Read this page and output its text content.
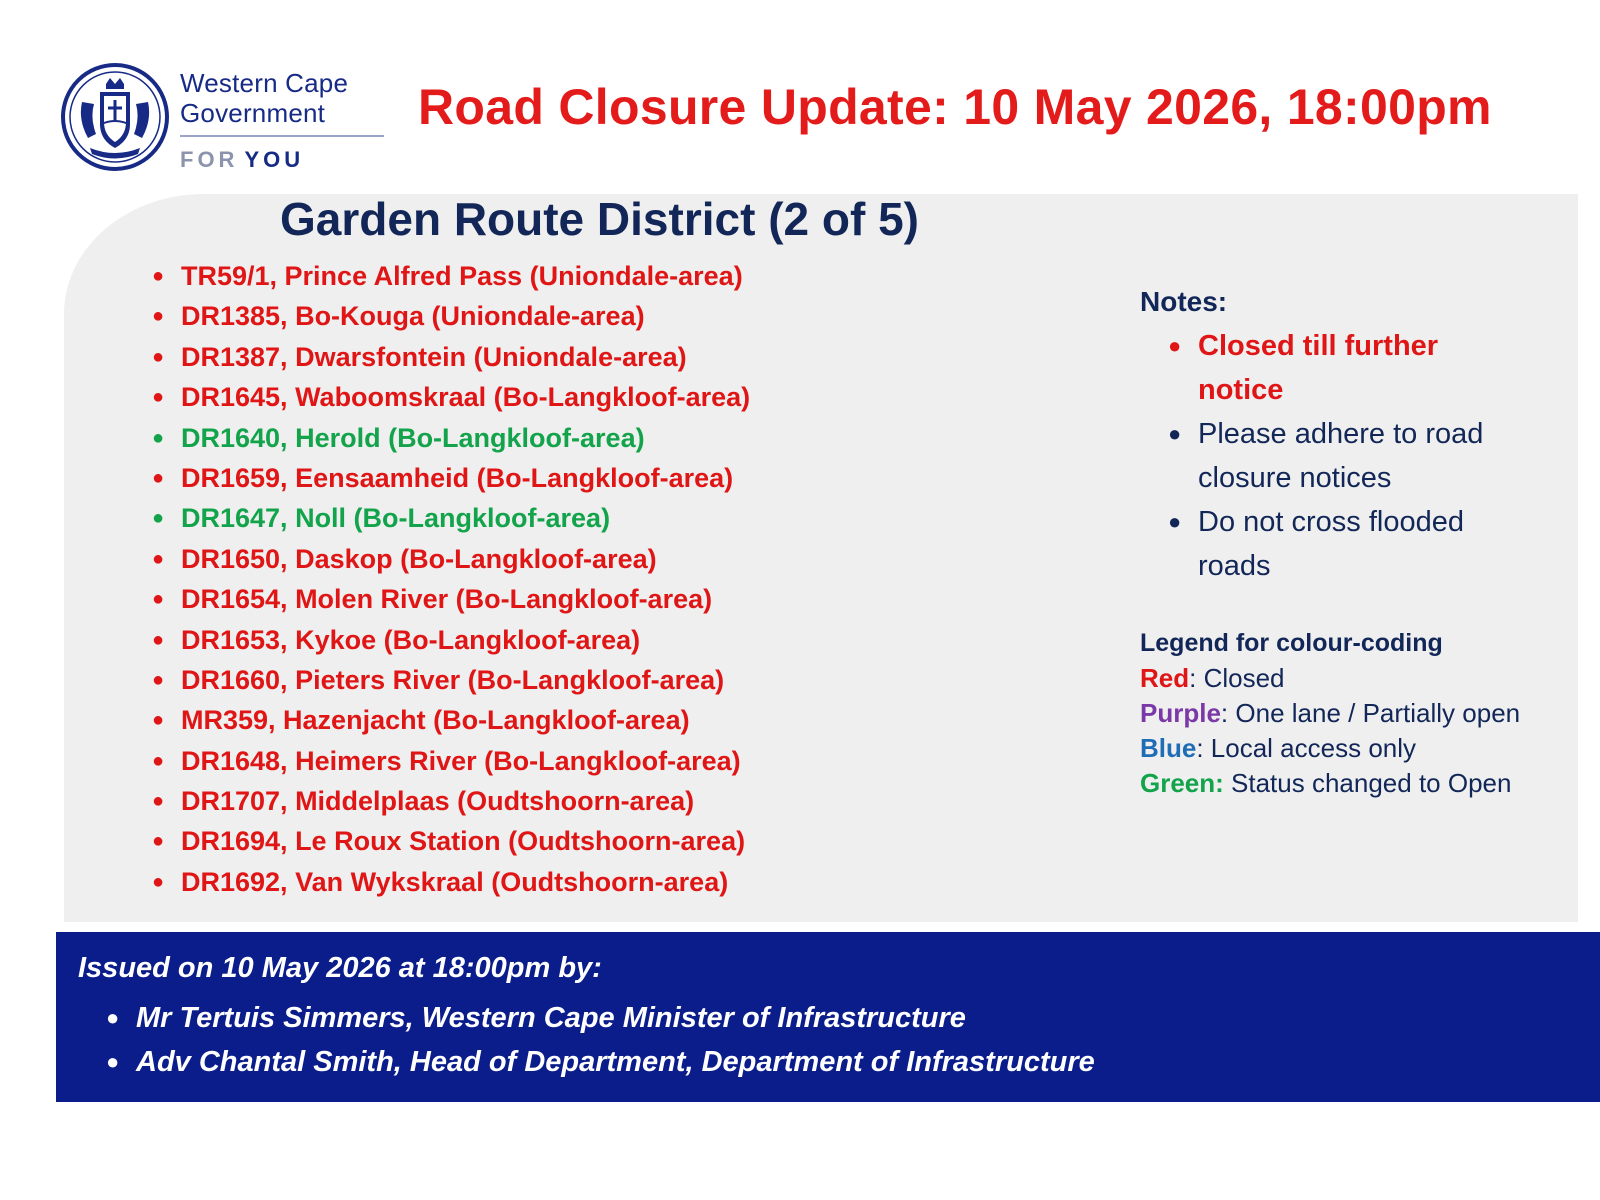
Western Cape
Government
FOR YOU
Road Closure Update: 10 May 2026, 18:00pm
Garden Route District (2 of 5)
● TR59/1, Prince Alfred Pass (Uniondale-area)
● DR1385, Bo-Kouga (Uniondale-area)
● DR1387, Dwarsfontein (Uniondale-area)
● DR1645, Waboomskraal (Bo-Langkloof-area)
● DR1640, Herold (Bo-Langkloof-area)
● DR1659, Eensaamheid (Bo-Langkloof-area)
● DR1647, Noll (Bo-Langkloof-area)
● DR1650, Daskop (Bo-Langkloof-area)
● DR1654, Molen River (Bo-Langkloof-area)
● DR1653, Kykoe (Bo-Langkloof-area)
● DR1660, Pieters River (Bo-Langkloof-area)
● MR359, Hazenjacht (Bo-Langkloof-area)
● DR1648, Heimers River (Bo-Langkloof-area)
● DR1707, Middelplaas (Oudtshoorn-area)
● DR1694, Le Roux Station (Oudtshoorn-area)
● DR1692, Van Wykskraal (Oudtshoorn-area)
Notes:
● Closed till further
notice
● Please adhere to road
closure notices
● Do not cross flooded
roads
Legend for colour-coding
Red: Closed
Purple: One lane / Partially open
Blue: Local access only
Green: Status changed to Open
Issued on 10 May 2026 at 18:00pm by:
● Mr Tertuis Simmers, Western Cape Minister of Infrastructure
● Adv Chantal Smith, Head of Department, Department of Infrastructure
